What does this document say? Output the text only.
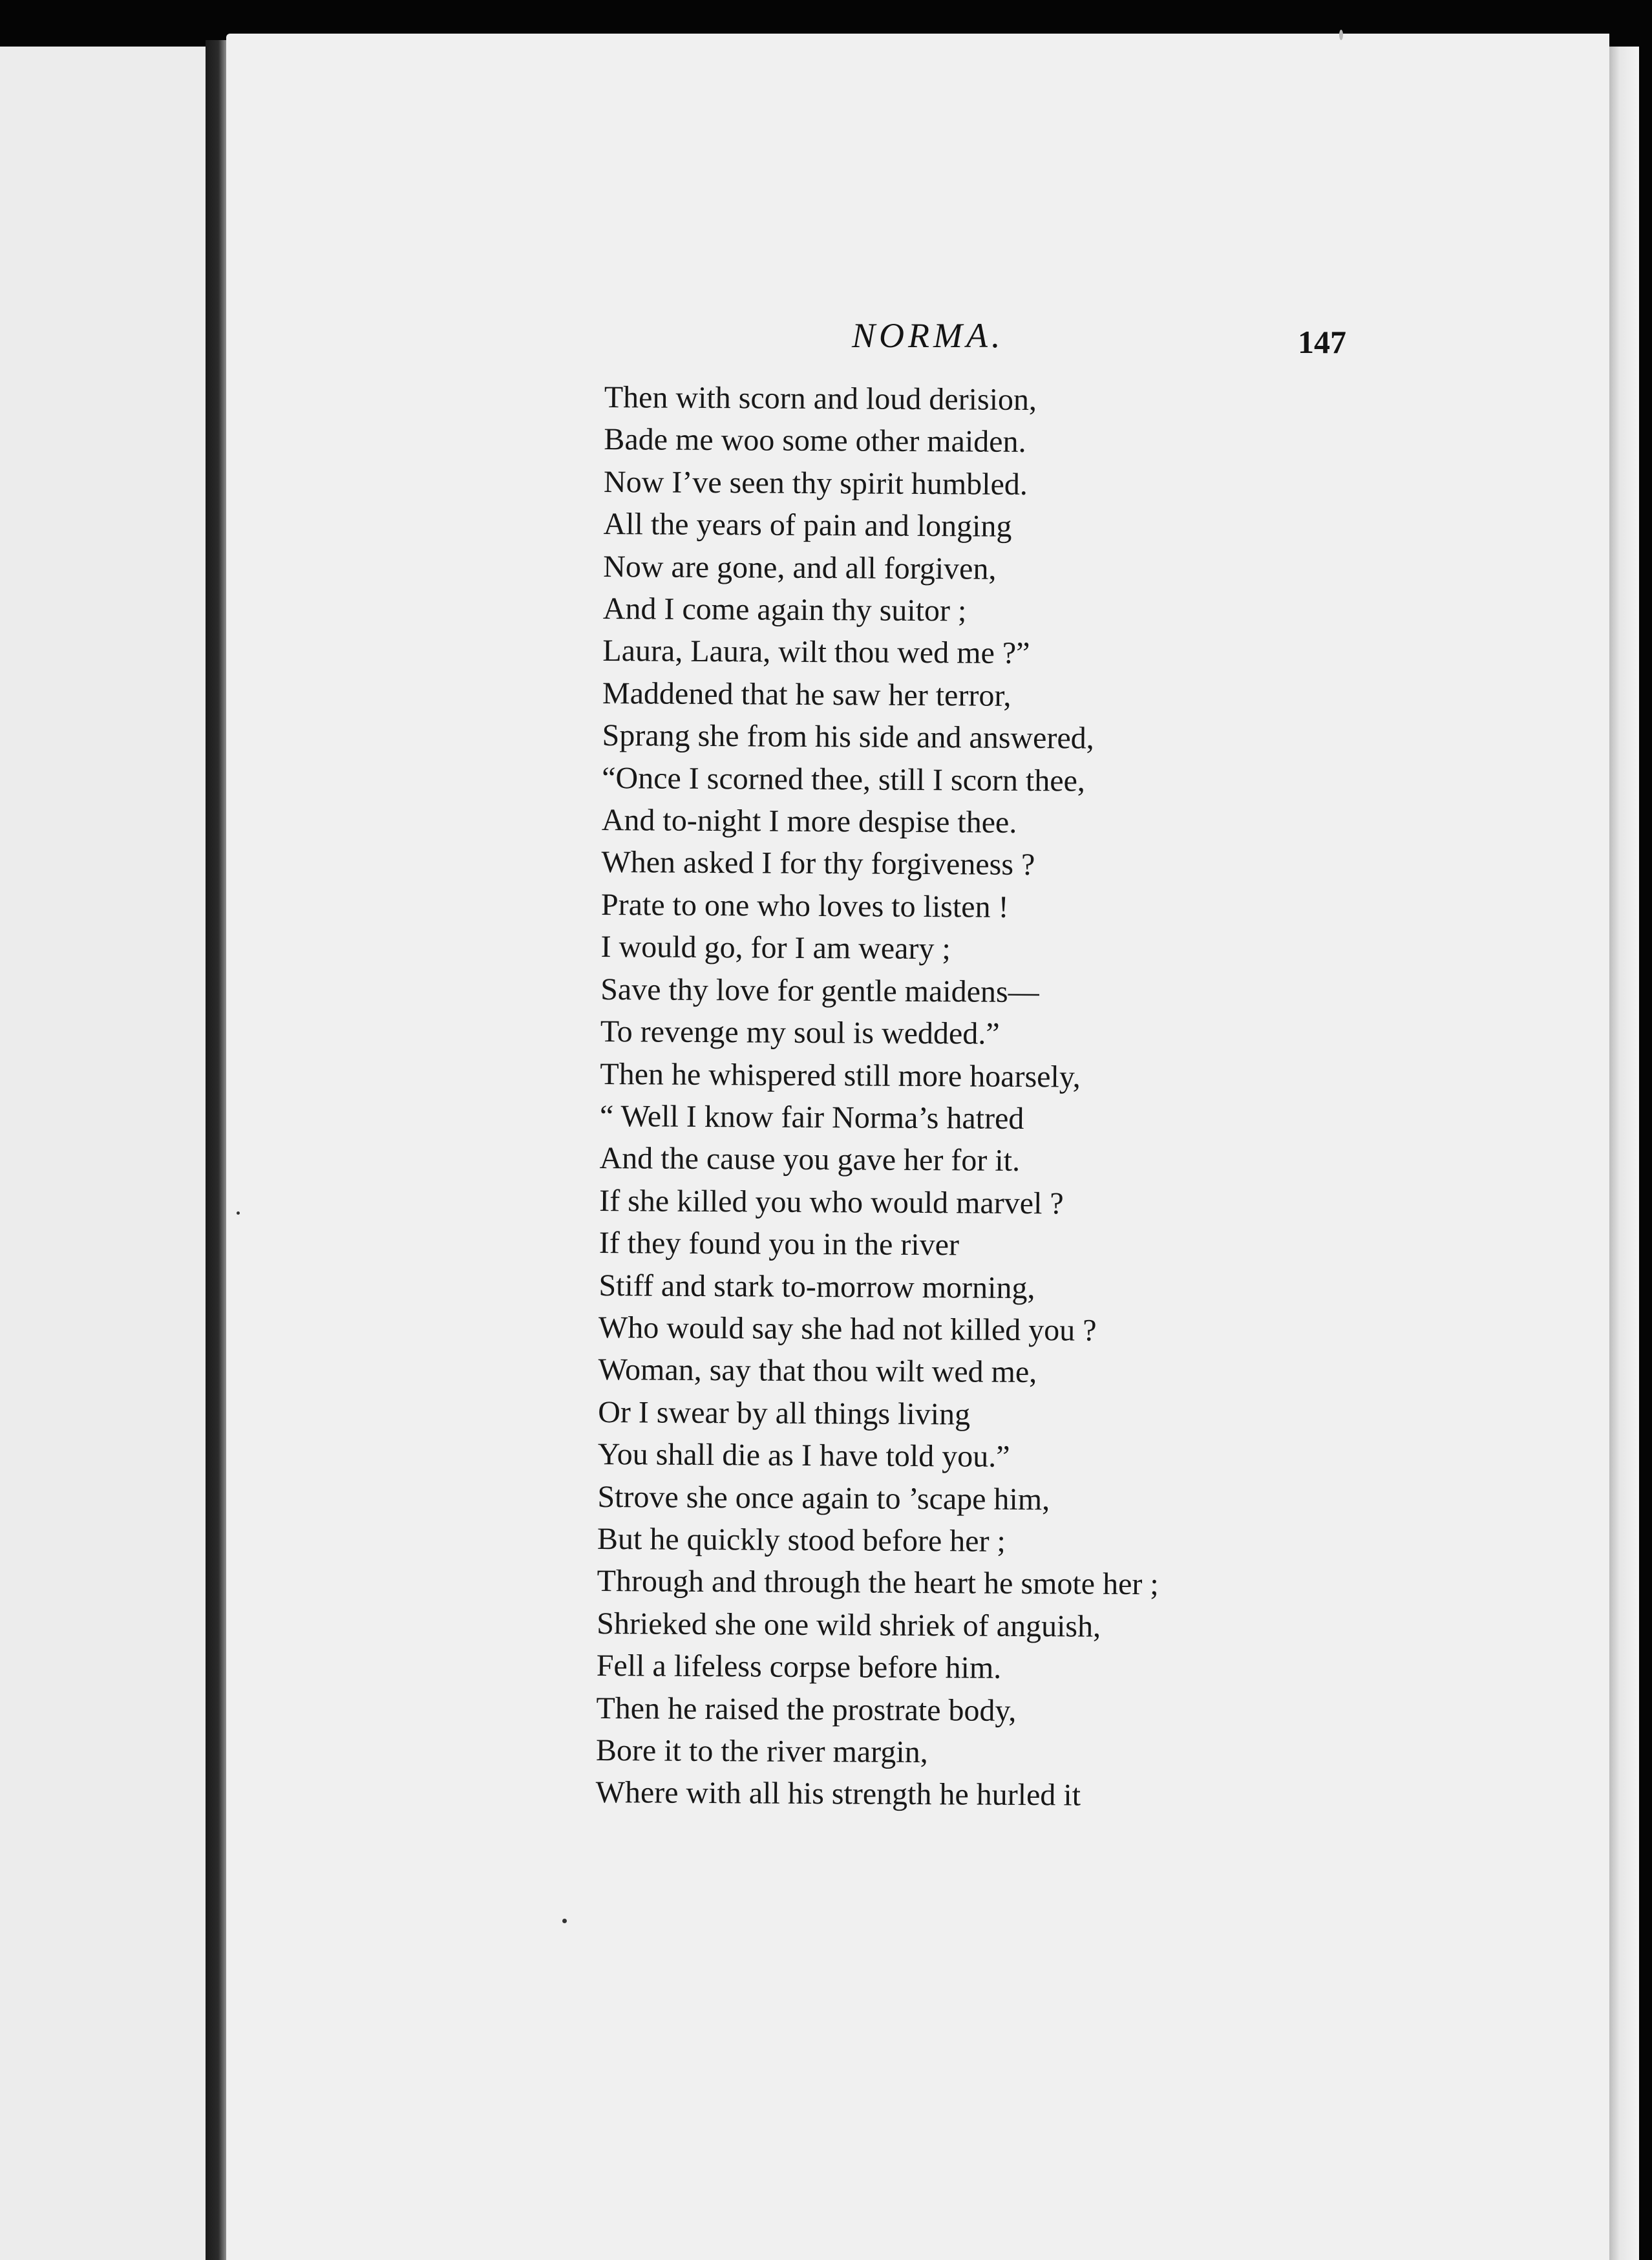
NORMA.	147
Then with scorn and loud derision,
Bade me woo some other maiden.
Now I’ve seen thy spirit humbled.
All the years of pain and longing
Now are gone, and all forgiven,
And I come again thy suitor ;
Laura, Laura, wilt thou wed me ?”
Maddened that he saw her terror,
Sprang she from his side and answered,
“Once I scorned thee, still I scorn thee,
And to-night I more despise thee.
When asked I for thy forgiveness ?
Prate to one who loves to listen !
I would go, for I am weary ;
Save thy love for gentle maidens—
To revenge my soul is wedded.”
Then he whispered still more hoarsely,
“ Well I know fair Norma’s hatred
And the cause you gave her for it.
If she killed you who would marvel ?
If they found you in the river
Stiff and stark to-morrow morning,
Who would say she had not killed you ?
Woman, say that thou wilt wed me,
Or I swear by all things living
You shall die as I have told you.”
Strove she once again to ’scape him,
But he quickly stood before her ;
Through and through the heart he smote her ;
Shrieked she one wild shriek of anguish,
Fell a lifeless corpse before him.
Then he raised the prostrate body,
Bore it to the river margin,
Where with all his strength he hurled it
